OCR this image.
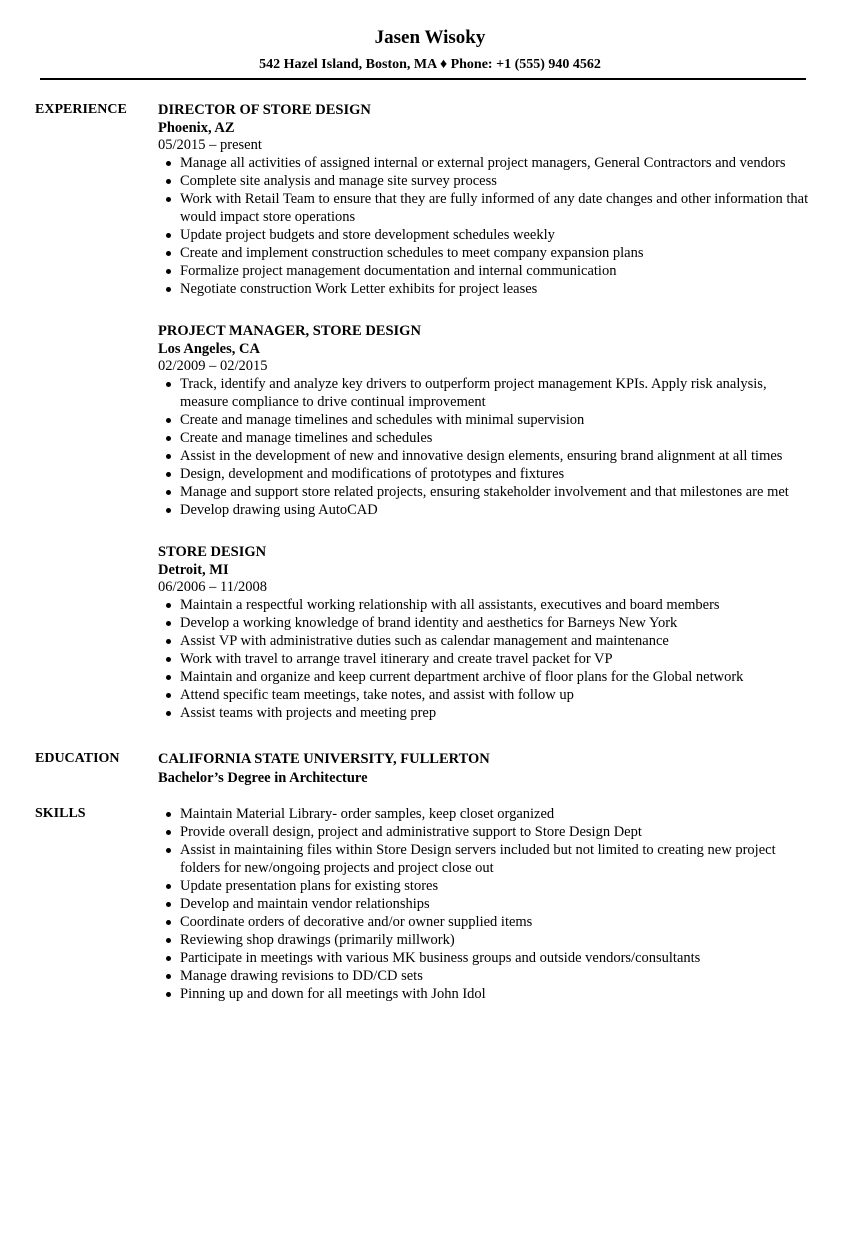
Jasen Wisoky
542 Hazel Island, Boston, MA ♦ Phone: +1 (555) 940 4562
EXPERIENCE DIRECTOR OF STORE DESIGN
Phoenix, AZ
05/2015 – present
Manage all activities of assigned internal or external project managers, General Contractors and vendors
Complete site analysis and manage site survey process
Work with Retail Team to ensure that they are fully informed of any date changes and other information that would impact store operations
Update project budgets and store development schedules weekly
Create and implement construction schedules to meet company expansion plans
Formalize project management documentation and internal communication
Negotiate construction Work Letter exhibits for project leases
PROJECT MANAGER, STORE DESIGN
Los Angeles, CA
02/2009 – 02/2015
Track, identify and analyze key drivers to outperform project management KPIs. Apply risk analysis, measure compliance to drive continual improvement
Create and manage timelines and schedules with minimal supervision
Create and manage timelines and schedules
Assist in the development of new and innovative design elements, ensuring brand alignment at all times
Design, development and modifications of prototypes and fixtures
Manage and support store related projects, ensuring stakeholder involvement and that milestones are met
Develop drawing using AutoCAD
STORE DESIGN
Detroit, MI
06/2006 – 11/2008
Maintain a respectful working relationship with all assistants, executives and board members
Develop a working knowledge of brand identity and aesthetics for Barneys New York
Assist VP with administrative duties such as calendar management and maintenance
Work with travel to arrange travel itinerary and create travel packet for VP
Maintain and organize and keep current department archive of floor plans for the Global network
Attend specific team meetings, take notes, and assist with follow up
Assist teams with projects and meeting prep
EDUCATION	CALIFORNIA STATE UNIVERSITY, FULLERTON
Bachelor’s Degree in Architecture
SKILLS	Maintain Material Library- order samples, keep closet organized
Provide overall design, project and administrative support to Store Design Dept
Assist in maintaining files within Store Design servers included but not limited to creating new project folders for new/ongoing projects and project close out
Update presentation plans for existing stores
Develop and maintain vendor relationships
Coordinate orders of decorative and/or owner supplied items
Reviewing shop drawings (primarily millwork)
Participate in meetings with various MK business groups and outside vendors/consultants
Manage drawing revisions to DD/CD sets
Pinning up and down for all meetings with John Idol
